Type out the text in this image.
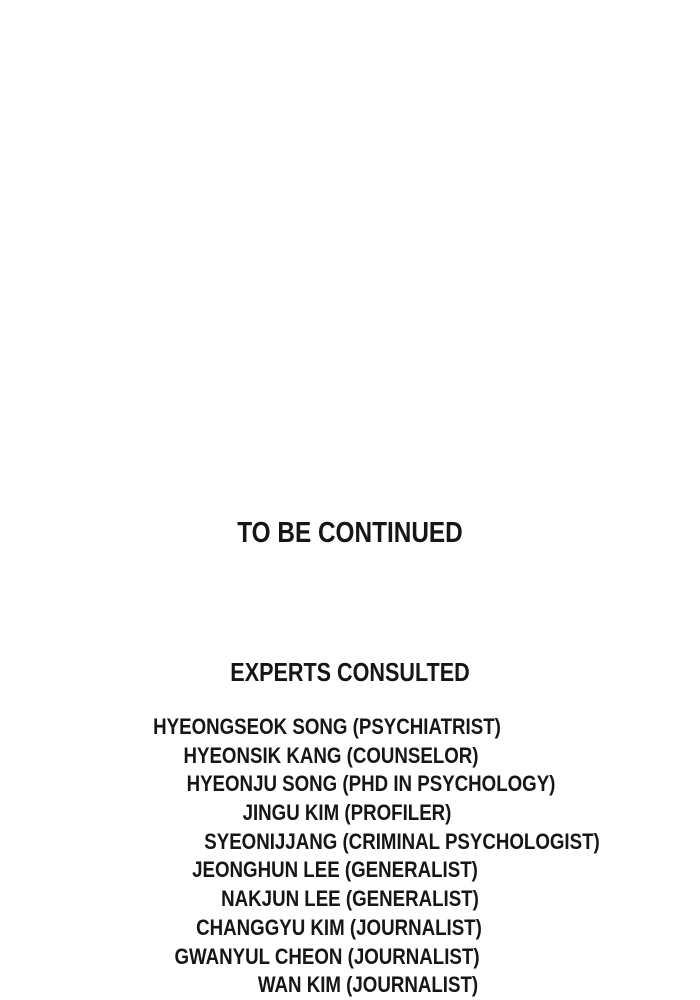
TO BE CONTINUED
EXPERTS CONSULTED
HYEONGSEOK SONG (PSYCHIATRIST)
HYEONSIK KANG (COUNSELOR)
HYEONJU SONG (PHD IN PSYCHOLOGY)
JINGU KIM (PROFILER)
SYEONIJJANG (CRIMINAL PSYCHOLOGIST)
JEONGHUN LEE (GENERALIST)
NAKJUN LEE (GENERALIST)
CHANGGYU KIM (JOURNALIST)
GWANYUL CHEON (JOURNALIST)
WAN KIM (JOURNALIST)
